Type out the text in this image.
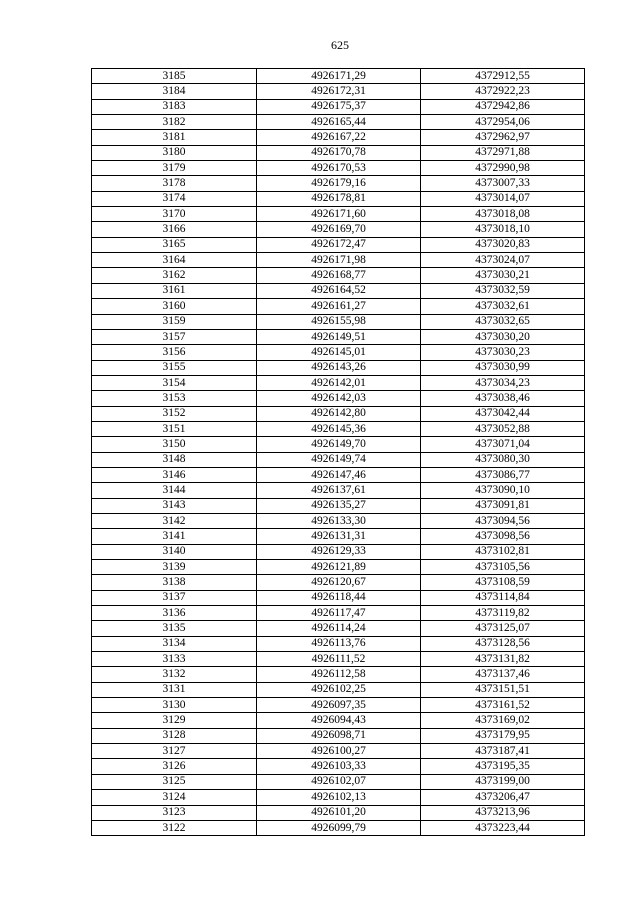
625
3185	4926171,29	4372912,55
3184	4926172,31	4372922,23
3183	4926175,37	4372942,86
3182	4926165,44	4372954,06
3181	4926167,22	4372962,97
3180	4926170,78	4372971,88
3179	4926170,53	4372990,98
3178	4926179,16	4373007,33
3174	4926178,81	4373014,07
3170	4926171,60	4373018,08
3166	4926169,70	4373018,10
3165	4926172,47	4373020,83
3164	4926171,98	4373024,07
3162	4926168,77	4373030,21
3161	4926164,52	4373032,59
3160	4926161,27	4373032,61
3159	4926155,98	4373032,65
3157	4926149,51	4373030,20
3156	4926145,01	4373030,23
3155	4926143,26	4373030,99
3154	4926142,01	4373034,23
3153	4926142,03	4373038,46
3152	4926142,80	4373042,44
3151	4926145,36	4373052,88
3150	4926149,70	4373071,04
3148	4926149,74	4373080,30
3146	4926147,46	4373086,77
3144	4926137,61	4373090,10
3143	4926135,27	4373091,81
3142	4926133,30	4373094,56
3141	4926131,31	4373098,56
3140	4926129,33	4373102,81
3139	4926121,89	4373105,56
3138	4926120,67	4373108,59
3137	4926118,44	4373114,84
3136	4926117,47	4373119,82
3135	4926114,24	4373125,07
3134	4926113,76	4373128,56
3133	4926111,52	4373131,82
3132	4926112,58	4373137,46
3131	4926102,25	4373151,51
3130	4926097,35	4373161,52
3129	4926094,43	4373169,02
3128	4926098,71	4373179,95
3127	4926100,27	4373187,41
3126	4926103,33	4373195,35
3125	4926102,07	4373199,00
3124	4926102,13	4373206,47
3123	4926101,20	4373213,96
3122	4926099,79	4373223,44
